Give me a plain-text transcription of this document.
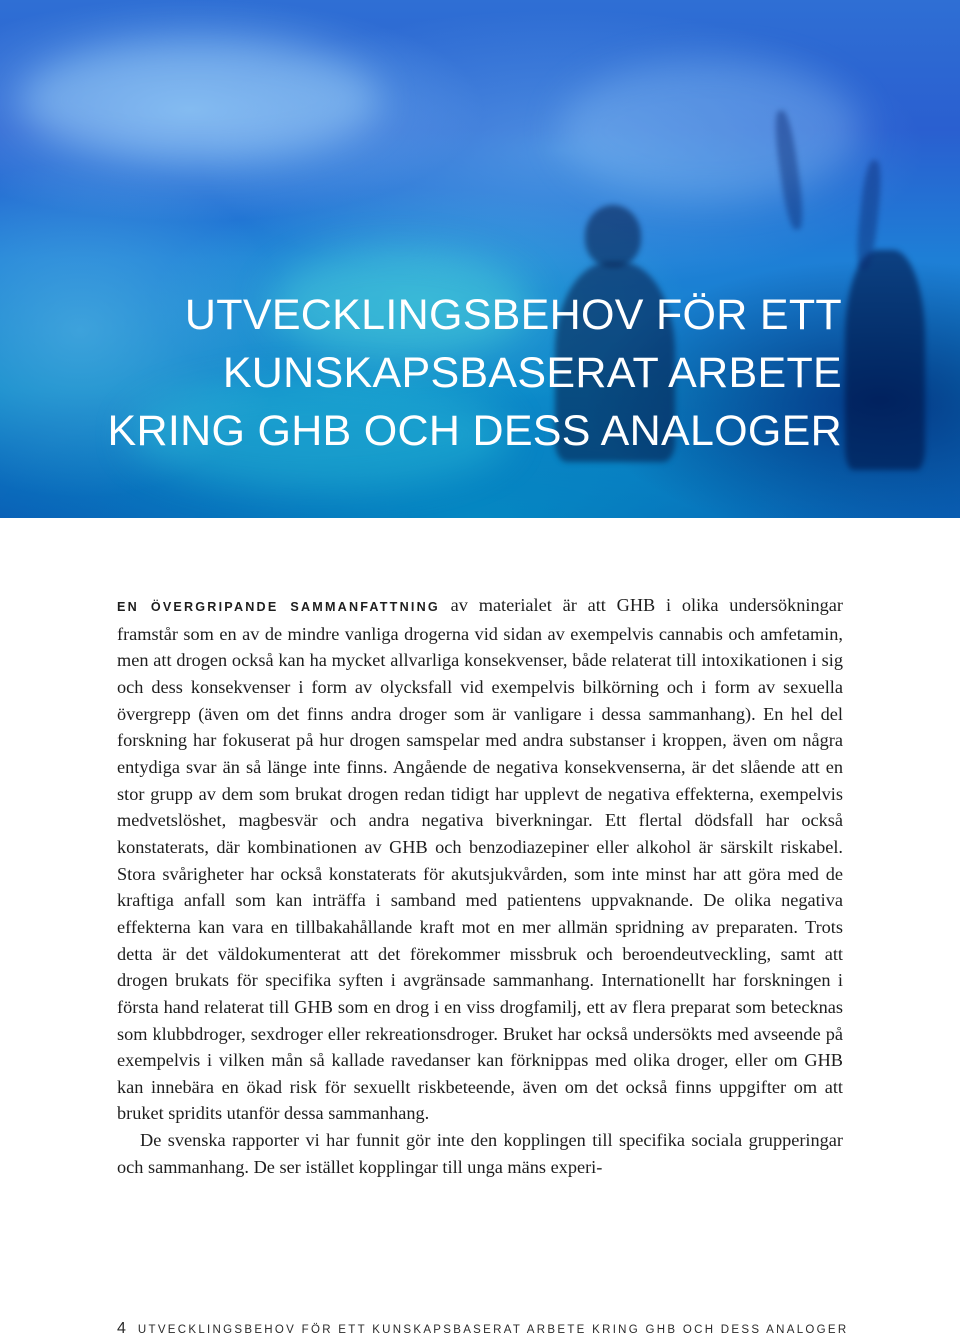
UTVECKLINGSBEHOV FÖR ETT
KUNSKAPSBASERAT ARBETE
KRING GHB OCH DESS ANALOGER

EN ÖVERGRIPANDE SAMMANFATTNING av materialet är att GHB i olika undersökningar framstår som en av de mindre vanliga drogerna vid sidan av exempelvis cannabis och amfetamin, men att drogen också kan ha mycket allvarliga konsekvenser, både relaterat till intoxikationen i sig och dess konsekvenser i form av olycksfall vid exempelvis bilkörning och i form av sexuella övergrepp (även om det finns andra droger som är vanligare i dessa sammanhang). En hel del forskning har fokuserat på hur drogen samspelar med andra substanser i kroppen, även om några entydiga svar än så länge inte finns. Angående de negativa konsekvenserna, är det slående att en stor grupp av dem som brukat drogen redan tidigt har upplevt de negativa effekterna, exempelvis medvetslöshet, magbesvär och andra negativa biverkningar. Ett flertal dödsfall har också konstaterats, där kombinationen av GHB och benzodiazepiner eller alkohol är särskilt riskabel. Stora svårigheter har också konstaterats för akutsjukvården, som inte minst har att göra med de kraftiga anfall som kan inträffa i samband med patientens uppvaknande. De olika negativa effekterna kan vara en tillbakahållande kraft mot en mer allmän spridning av preparaten. Trots detta är det väldokumenterat att det förekommer missbruk och beroendeutveckling, samt att drogen brukats för specifika syften i avgränsade sammanhang. Internationellt har forskningen i första hand relaterat till GHB som en drog i en viss drogfamilj, ett av flera preparat som betecknas som klubbdroger, sexdroger eller rekreationsdroger. Bruket har också undersökts med avseende på exempelvis i vilken mån så kallade ravedanser kan förknippas med olika droger, eller om GHB kan innebära en ökad risk för sexuellt riskbeteende, även om det också finns uppgifter om att bruket spridits utanför dessa sammanhang.

De svenska rapporter vi har funnit gör inte den kopplingen till specifika sociala grupperingar och sammanhang. De ser istället kopplingar till unga mäns experi-

4 UTVECKLINGSBEHOV FÖR ETT KUNSKAPSBASERAT ARBETE KRING GHB OCH DESS ANALOGER
